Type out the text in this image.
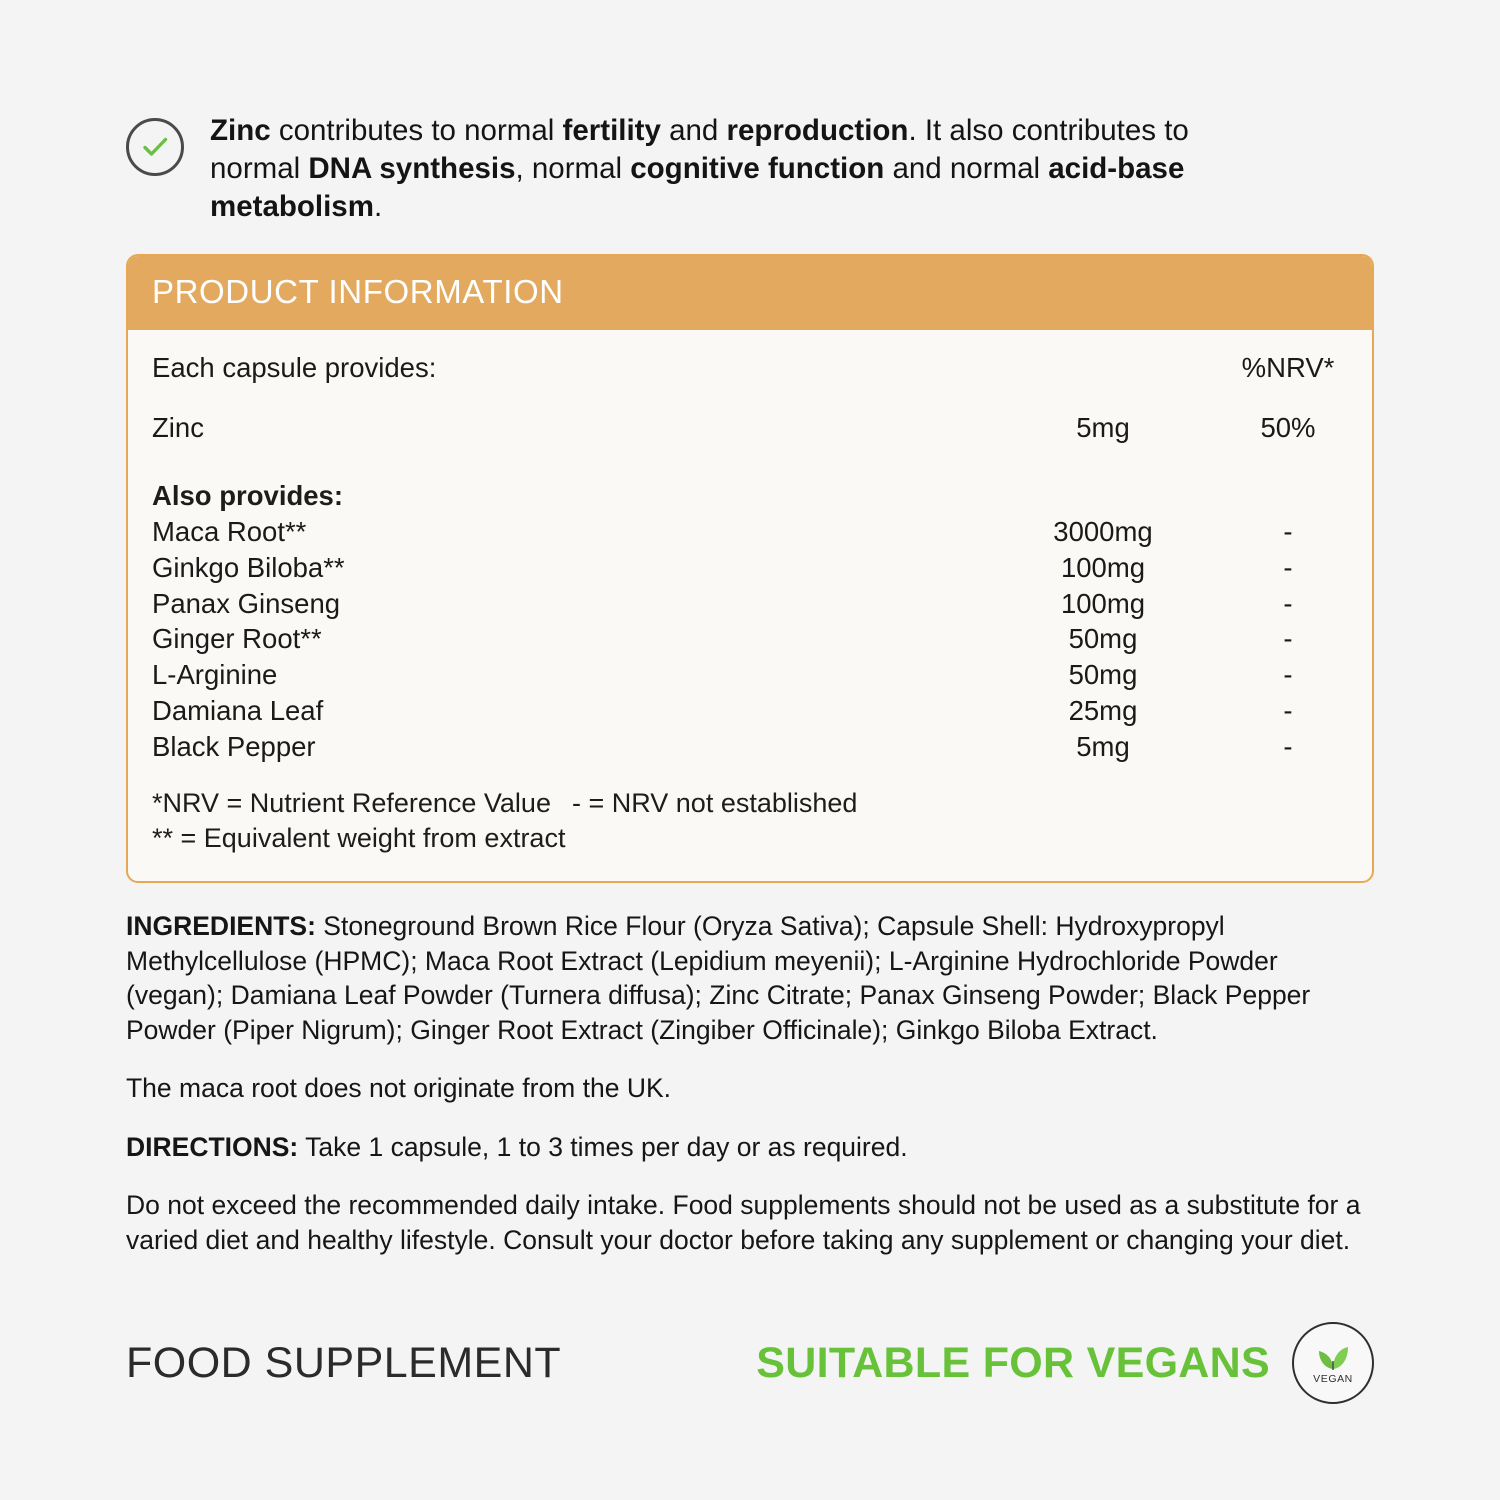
Zinc contributes to normal fertility and reproduction. It also contributes to normal DNA synthesis, normal cognitive function and normal acid-base metabolism.
PRODUCT INFORMATION
Each capsule provides:	%NRV*
Zinc	5mg	50%
Also provides:
Maca Root**	3000mg	-
Ginkgo Biloba**	100mg	-
Panax Ginseng	100mg	-
Ginger Root**	50mg	-
L-Arginine	50mg	-
Damiana Leaf	25mg	-
Black Pepper	5mg	-
*NRV = Nutrient Reference Value - = NRV not established
** = Equivalent weight from extract
INGREDIENTS: Stoneground Brown Rice Flour (Oryza Sativa); Capsule Shell: Hydroxypropyl Methylcellulose (HPMC); Maca Root Extract (Lepidium meyenii); L-Arginine Hydrochloride Powder (vegan); Damiana Leaf Powder (Turnera diffusa); Zinc Citrate; Panax Ginseng Powder; Black Pepper Powder (Piper Nigrum); Ginger Root Extract (Zingiber Officinale); Ginkgo Biloba Extract.
The maca root does not originate from the UK.
DIRECTIONS: Take 1 capsule, 1 to 3 times per day or as required.
Do not exceed the recommended daily intake. Food supplements should not be used as a substitute for a varied diet and healthy lifestyle. Consult your doctor before taking any supplement or changing your diet.
FOOD SUPPLEMENT	SUITABLE FOR VEGANS	VEGAN
